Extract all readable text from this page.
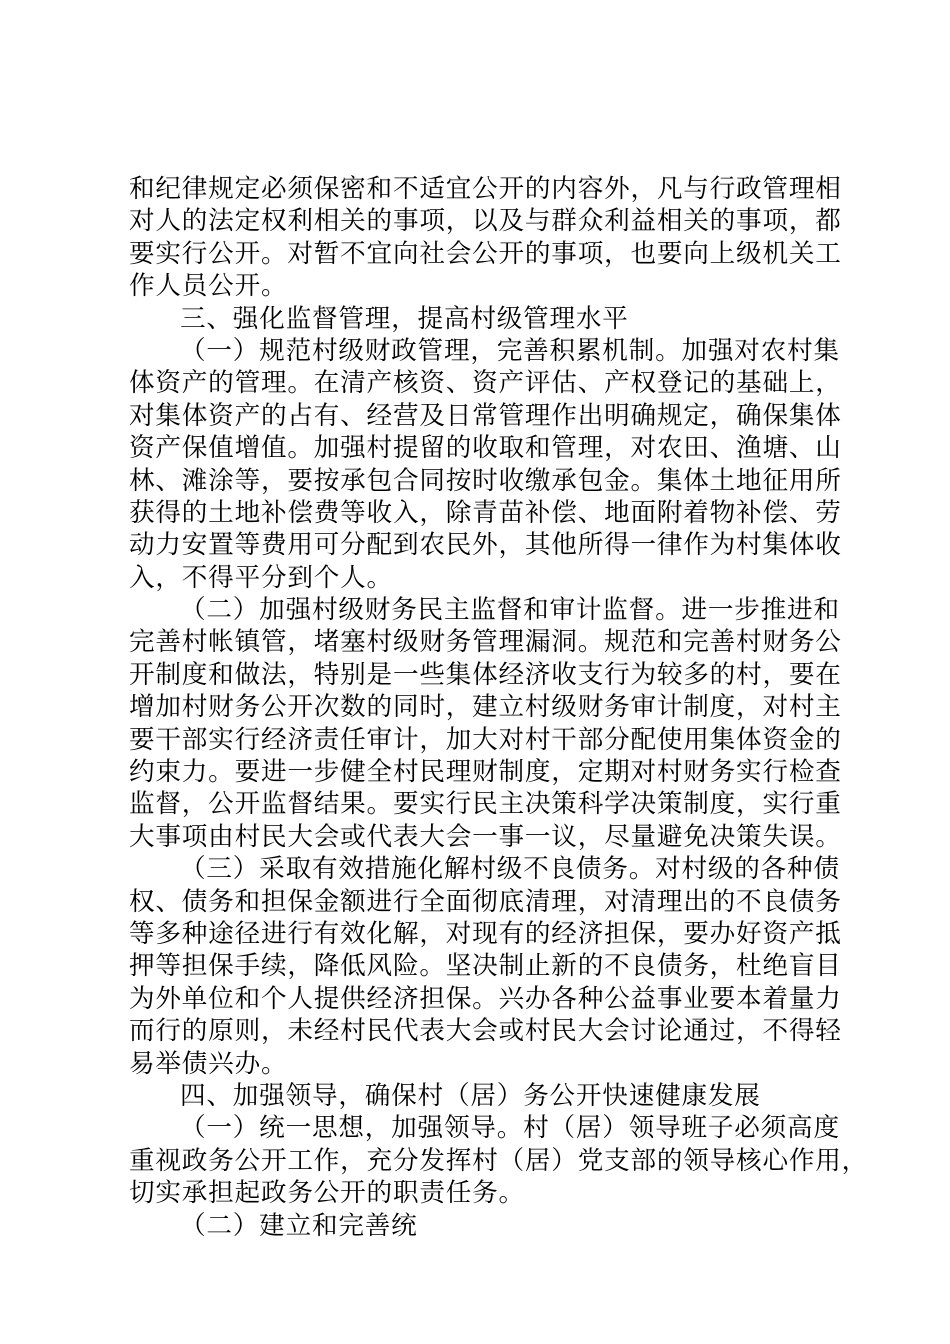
和纪律规定必须保密和不适宜公开的内容外，凡与行政管理相
对人的法定权利相关的事项，以及与群众利益相关的事项，都
要实行公开。对暂不宜向社会公开的事项，也要向上级机关工
作人员公开。
三、强化监督管理，提高村级管理水平
（一）规范村级财政管理，完善积累机制。加强对农村集
体资产的管理。在清产核资、资产评估、产权登记的基础上，
对集体资产的占有、经营及日常管理作出明确规定，确保集体
资产保值增值。加强村提留的收取和管理，对农田、渔塘、山
林、滩涂等，要按承包合同按时收缴承包金。集体土地征用所
获得的土地补偿费等收入，除青苗补偿、地面附着物补偿、劳
动力安置等费用可分配到农民外，其他所得一律作为村集体收
入，不得平分到个人。
（二）加强村级财务民主监督和审计监督。进一步推进和
完善村帐镇管，堵塞村级财务管理漏洞。规范和完善村财务公
开制度和做法，特别是一些集体经济收支行为较多的村，要在
增加村财务公开次数的同时，建立村级财务审计制度，对村主
要干部实行经济责任审计，加大对村干部分配使用集体资金的
约束力。要进一步健全村民理财制度，定期对村财务实行检查
监督，公开监督结果。要实行民主决策科学决策制度，实行重
大事项由村民大会或代表大会一事一议，尽量避免决策失误。
（三）采取有效措施化解村级不良债务。对村级的各种债
权、债务和担保金额进行全面彻底清理，对清理出的不良债务
等多种途径进行有效化解，对现有的经济担保，要办好资产抵
押等担保手续，降低风险。坚决制止新的不良债务，杜绝盲目
为外单位和个人提供经济担保。兴办各种公益事业要本着量力
而行的原则，未经村民代表大会或村民大会讨论通过，不得轻
易举债兴办。
四、加强领导，确保村（居）务公开快速健康发展
（一）统一思想，加强领导。村（居）领导班子必须高度
重视政务公开工作，充分发挥村（居）党支部的领导核心作用，
切实承担起政务公开的职责任务。
（二）建立和完善统
